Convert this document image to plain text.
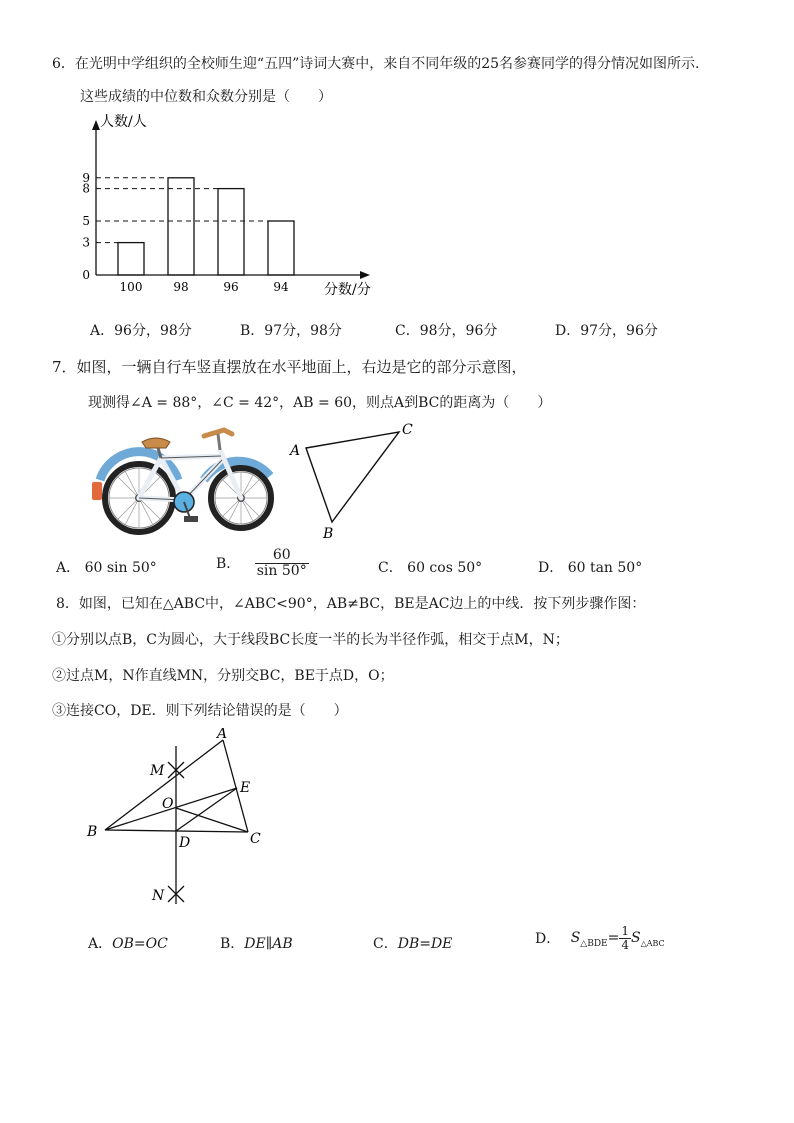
6．在光明中学组织的全校师生迎“五四”诗词大赛中，来自不同年级的25名参赛同学的得分情况如图所示.
这些成绩的中位数和众数分别是（　　）
人数/人
分数/分
100	98	96	94
0
3
5
8
9
A．96分，98分	B．97分，98分	C．98分，96分	D．97分，96分
7．如图，一辆自行车竖直摆放在水平地面上，右边是它的部分示意图，
现测得∠A = 88°，∠C = 42°，AB = 60，则点A到BC的距离为（　　）
A
C
B
A． 60 sin 50°	B． $\frac{60}{\sin 50^\circ}$	C． 60 cos 50°	D． 60 tan 50°
8．如图，已知在△ABC中，∠ABC<90°，AB≠BC，BE是AC边上的中线．按下列步骤作图：
①分别以点B，C为圆心，大于线段BC长度一半的长为半径作弧，相交于点M，N；
②过点M，N作直线MN，分别交BC，BE于点D，O；
③连接CO，DE．则下列结论错误的是（　　）
A
M
E
O
B
D	C
N
A．OB=OC	B．DE∥AB	C．DB=DE	D． $S_{\triangle BDE}= \frac{1}{4} S_{\triangle ABC}$
